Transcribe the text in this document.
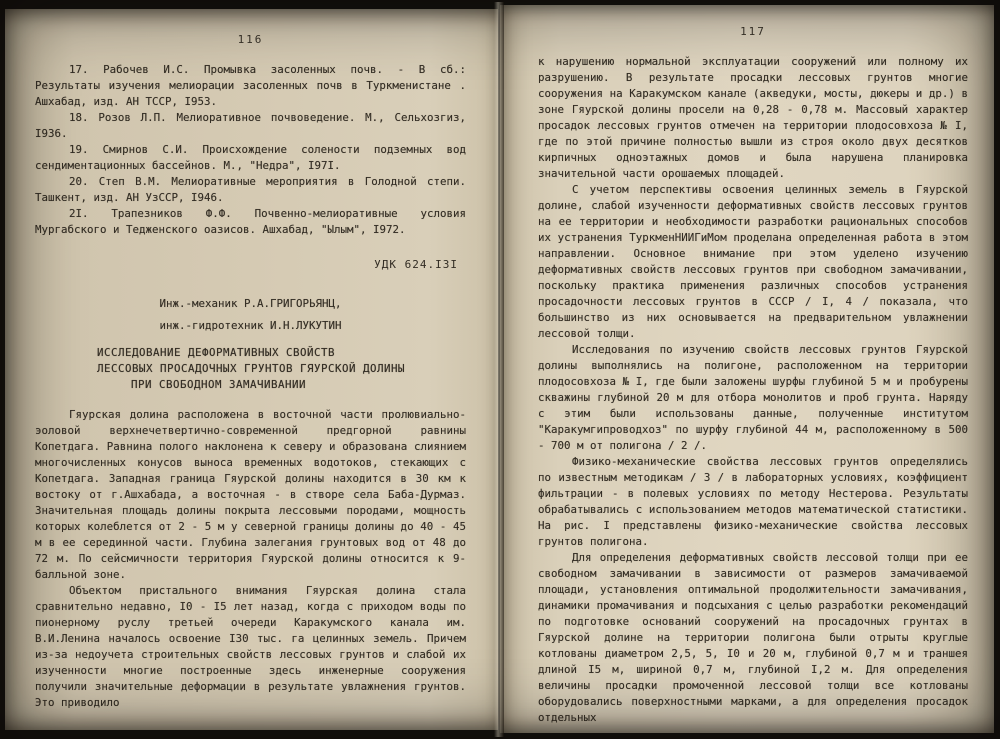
116

17. Рабочев И.С. Промывка засоленных почв. - В сб.: Результаты изучения мелиорации засоленных почв в Туркменистане . Ашхабад, изд. АН ТССР, I953.

18. Розов Л.П. Мелиоративное почвоведение. М., Сельхозгиз, I936.

19. Смирнов С.И. Происхождение солености подземных вод сендиментационных бассейнов. М., "Недра", I97I.

20. Степ В.М. Мелиоративные мероприятия в Голодной степи. Ташкент, изд. АН УзССР, I946.

2I. Трапезников Ф.Ф. Почвенно-мелиоративные условия Мургабского и Тедженского оазисов. Ашхабад, "Ылым", I972.

УДК 624.I3I
Инж.-механик Р.А.ГРИГОРЬЯНЦ,
инж.-гидротехник И.Н.ЛУКУТИН
ИССЛЕДОВАНИЕ ДЕФОРМАТИВНЫХ СВОЙСТВ
ЛЕССОВЫХ ПРОСАДОЧНЫХ ГРУНТОВ ГЯУРСКОЙ ДОЛИНЫ
ПРИ СВОБОДНОМ ЗАМАЧИВАНИИ

Гяурская долина расположена в восточной части пролювиально-эоловой верхнечетвертично-современной предгорной равнины Копетдага. Равнина полого наклонена к северу и образована слиянием многочисленных конусов выноса временных водотоков, стекающих с Копетдага. Западная граница Гяурской долины находится в 30 км к востоку от г.Ашхабада, а восточная - в створе села Баба-Дурмаз. Значительная площадь долины покрыта лессовыми породами, мощность которых колеблется от 2 - 5 м у северной границы долины до 40 - 45 м в ее серединной части. Глубина залегания грунтовых вод от 48 до 72 м. По сейсмичности территория Гяурской долины относится к 9-балльной зоне.

Объектом пристального внимания Гяурская долина стала сравнительно недавно, I0 - I5 лет назад, когда с приходом воды по пионерному руслу третьей очереди Каракумского канала им. В.И.Ленина началось освоение I30 тыс. га целинных земель. Причем из-за недоучета строительных свойств лессовых грунтов и слабой их изученности многие построенные здесь инженерные сооружения получили значительные деформации в результате увлажнения грунтов. Это приводило

117

к нарушению нормальной эксплуатации сооружений или полному их разрушению. В результате просадки лессовых грунтов многие сооружения на Каракумском канале (акведуки, мосты, дюкеры и др.) в зоне Гяурской долины просели на 0,28 - 0,78 м. Массовый характер просадок лессовых грунтов отмечен на территории плодосовхоза № I, где по этой причине полностью вышли из строя около двух десятков кирпичных одноэтажных домов и была нарушена планировка значительной части орошаемых площадей.

С учетом перспективы освоения целинных земель в Гяурской долине, слабой изученности деформативных свойств лессовых грунтов на ее территории и необходимости разработки рациональных способов их устранения ТуркменНИИГиМом проделана определенная работа в этом направлении. Основное внимание при этом уделено изучению деформативных свойств лессовых грунтов при свободном замачивании, поскольку практика применения различных способов устранения просадочности лессовых грунтов в СССР / I, 4 / показала, что большинство из них основывается на предварительном увлажнении лессовой толщи.

Исследования по изучению свойств лессовых грунтов Гяурской долины выполнялись на полигоне, расположенном на территории плодосовхоза № I, где были заложены шурфы глубиной 5 м и пробурены скважины глубиной 20 м для отбора монолитов и проб грунта. Наряду с этим были использованы данные, полученные институтом "Каракумгипроводхоз" по шурфу глубиной 44 м, расположенному в 500 - 700 м от полигона / 2 /.

Физико-механические свойства лессовых грунтов определялись по известным методикам / 3 / в лабораторных условиях, коэффициент фильтрации - в полевых условиях по методу Нестерова. Результаты обрабатывались с использованием методов математической статистики. На рис. I представлены физико-механические свойства лессовых грунтов полигона.

Для определения деформативных свойств лессовой толщи при ее свободном замачивании в зависимости от размеров замачиваемой площади, установления оптимальной продолжительности замачивания, динамики промачивания и подсыхания с целью разработки рекомендаций по подготовке оснований сооружений на просадочных грунтах в Гяурской долине на территории полигона были отрыты круглые котлованы диаметром 2,5, 5, I0 и 20 м, глубиной 0,7 м и траншея длиной I5 м, шириной 0,7 м, глубиной I,2 м. Для определения величины просадки промоченной лессовой толщи все котлованы оборудовались поверхностными марками, а для определения просадок отдельных
